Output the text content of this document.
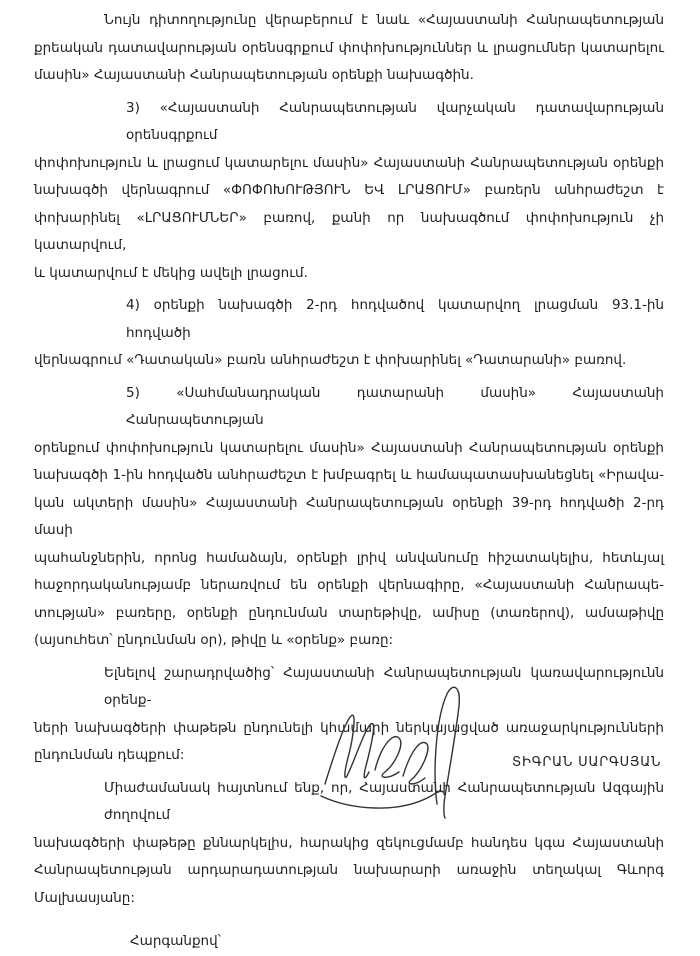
Նույն դիտողությունը վերաբերում է նաև «Հայաստանի Հանրապետության
քրեական դատավարության օրենսգրքում փոփոխություններ և լրացումներ կատարելու
մասին» Հայաստանի Հանրապետության օրենքի նախագծին.
3) «Հայաստանի Հանրապետության վարչական դատավարության օրենսգրքում
փոփոխություն և լրացում կատարելու մասին» Հայաստանի Հանրապետության օրենքի
նախագծի վերնագրում «ՓՈՓՈԽՈՒԹՅՈՒՆ ԵՎ ԼՐԱՑՈՒՄ» բառերն անհրաժեշտ է
փոխարինել «ԼՐԱՑՈՒՄՆԵՐ» բառով, քանի որ նախագծում փոփոխություն չի կատարվում,
և կատարվում է մեկից ավելի լրացում.
4) օրենքի նախագծի 2-րդ հոդվածով կատարվող լրացման 93.1-ին հոդվածի
վերնագրում «Դատական» բառն անհրաժեշտ է փոխարինել «Դատարանի» բառով.
5) «Սահմանադրական դատարանի մասին» Հայաստանի Հանրապետության
օրենքում փոփոխություն կատարելու մասին» Հայաստանի Հանրապետության օրենքի
նախագծի 1-ին հոդվածն անհրաժեշտ է խմբագրել և համապատասխանեցնել «Իրավա-
կան ակտերի մասին» Հայաստանի Հանրապետության օրենքի 39-րդ հոդվածի 2-րդ մասի
պահանջներին, որոնց համաձայն, օրենքի լրիվ անվանումը հիշատակելիս, հետևյալ
հաջորդականությամբ ներառվում են օրենքի վերնագիրը, «Հայաստանի Հանրապե-
տության» բառերը, օրենքի ընդունման տարեթիվը, ամիսը (տառերով), ամսաթիվը
(այսուհետ՝ ընդունման օր), թիվը և «օրենք» բառը:
Ելնելով շարադրվածից՝ Հայաստանի Հանրապետության կառավարությունն օրենք-
ների նախագծերի փաթեթն ընդունելի կհամարի ներկայացված առաջարկությունների
ընդունման դեպքում:
Միաժամանակ հայտնում ենք, որ, Հայաստանի Հանրապետության Ազգային ժողովում
նախագծերի փաթեթը քննարկելիս, հարակից զեկուցմամբ հանդես կգա Հայաստանի
Հանրապետության արդարադատության նախարարի առաջին տեղակալ Գևորգ Մալխասյանը:
Հարգանքով՝
ՏԻԳՐԱՆ ՍԱՐԳՍՅԱՆ
